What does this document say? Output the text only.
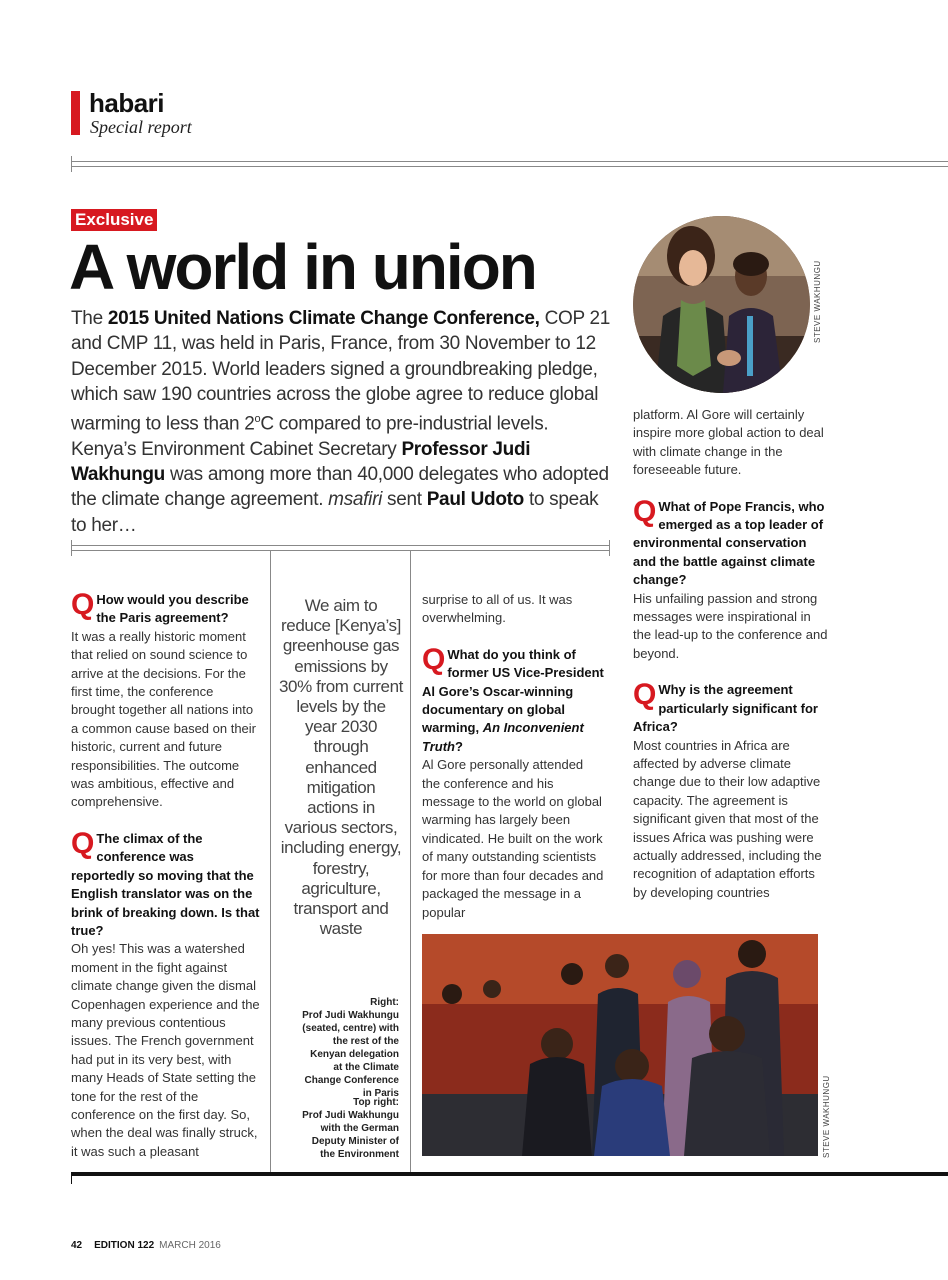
habari
Special report
Exclusive
A world in union
The 2015 United Nations Climate Change Conference, COP 21 and CMP 11, was held in Paris, France, from 30 November to 12 December 2015. World leaders signed a groundbreaking pledge, which saw 190 countries across the globe agree to reduce global warming to less than 2$^o$C compared to pre-industrial levels. Kenya’s Environment Cabinet Secretary Professor Judi Wakhungu was among more than 40,000 delegates who adopted the climate change agreement. msafiri sent Paul Udoto to speak to her…

Q How would you describe the Paris agreement?

It was a really historic moment that relied on sound science to arrive at the decisions. For the first time, the conference brought together all nations into a common cause based on their historic, current and future responsibilities. The outcome was ambitious, effective and comprehensive.

Q The climax of the conference was reportedly so moving that the English translator was on the brink of breaking down. Is that true?

Oh yes! This was a watershed moment in the fight against climate change given the dismal Copenhagen experience and the many previous contentious issues. The French government had put in its very best, with many Heads of State setting the tone for the rest of the conference on the first day. So, when the deal was finally struck, it was such a pleasant

We aim to reduce [Kenya’s] greenhouse gas emissions by 30% from current levels by the year 2030 through enhanced mitigation actions in various sectors, including energy, forestry, agriculture, transport and waste
Right:
Prof Judi Wakhungu (seated, centre) with the rest of the Kenyan delegation at the Climate Change Conference in Paris
Top right:
Prof Judi Wakhungu with the German Deputy Minister of the Environment

surprise to all of us. It was overwhelming.

Q What do you think of former US Vice-President Al Gore’s Oscar-winning documentary on global warming, An Inconvenient Truth?

Al Gore personally attended the conference and his message to the world on global warming has largely been vindicated. He built on the work of many outstanding scientists for more than four decades and packaged the message in a popular

platform. Al Gore will certainly inspire more global action to deal with climate change in the foreseeable future.

Q What of Pope Francis, who emerged as a top leader of environmental conservation and the battle against climate change?

His unfailing passion and strong messages were inspirational in the lead-up to the conference and beyond.

Q Why is the agreement particularly significant for Africa?

Most countries in Africa are affected by adverse climate change due to their low adaptive capacity. The agreement is significant given that most of the issues Africa was pushing were actually addressed, including the recognition of adaptation efforts by developing countries

STEVE WAKHUNGU
STEVE WAKHUNGU
42 EDITION 122 MARCH 2016
